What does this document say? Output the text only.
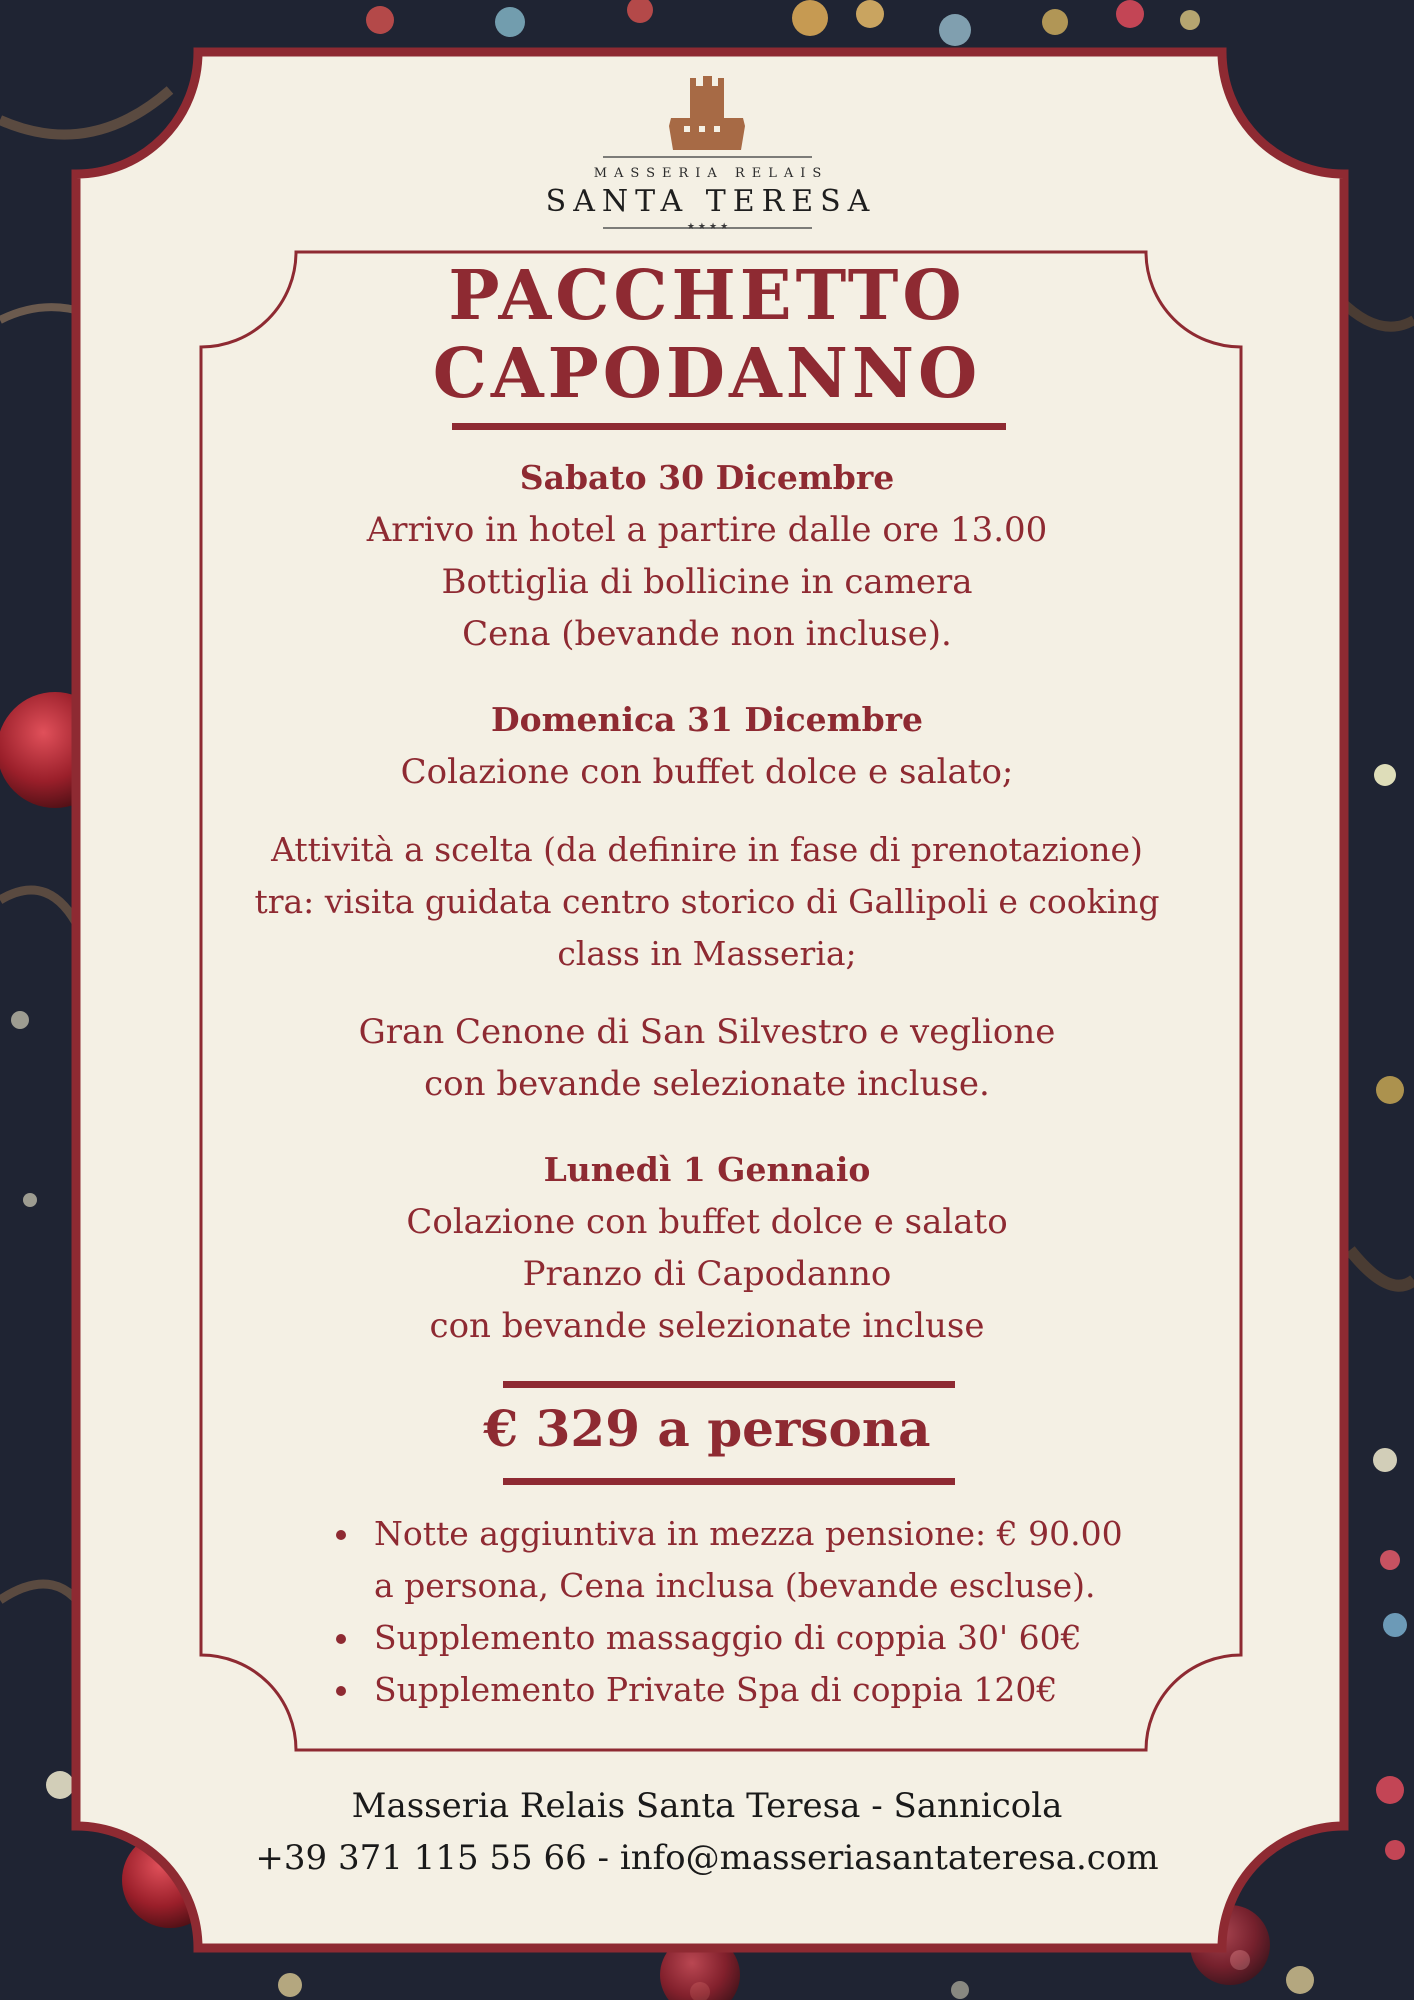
MASSERIA RELAIS
SANTA TERESA
★★★★
PACCHETTO
CAPODANNO
Sabato 30 Dicembre
Arrivo in hotel a partire dalle ore 13.00
Bottiglia di bollicine in camera
Cena (bevande non incluse).
Domenica 31 Dicembre
Colazione con buffet dolce e salato;
Attività a scelta (da definire in fase di prenotazione)
tra: visita guidata centro storico di Gallipoli e cooking
class in Masseria;
Gran Cenone di San Silvestro e veglione
con bevande selezionate incluse.
Lunedì 1 Gennaio
Colazione con buffet dolce e salato
Pranzo di Capodanno
con bevande selezionate incluse
€ 329 a persona
Notte aggiuntiva in mezza pensione: € 90.00
a persona, Cena inclusa (bevande escluse).
Supplemento massaggio di coppia 30' 60€
Supplemento Private Spa di coppia 120€
Masseria Relais Santa Teresa - Sannicola
+39 371 115 55 66 - info@masseriasantateresa.com
